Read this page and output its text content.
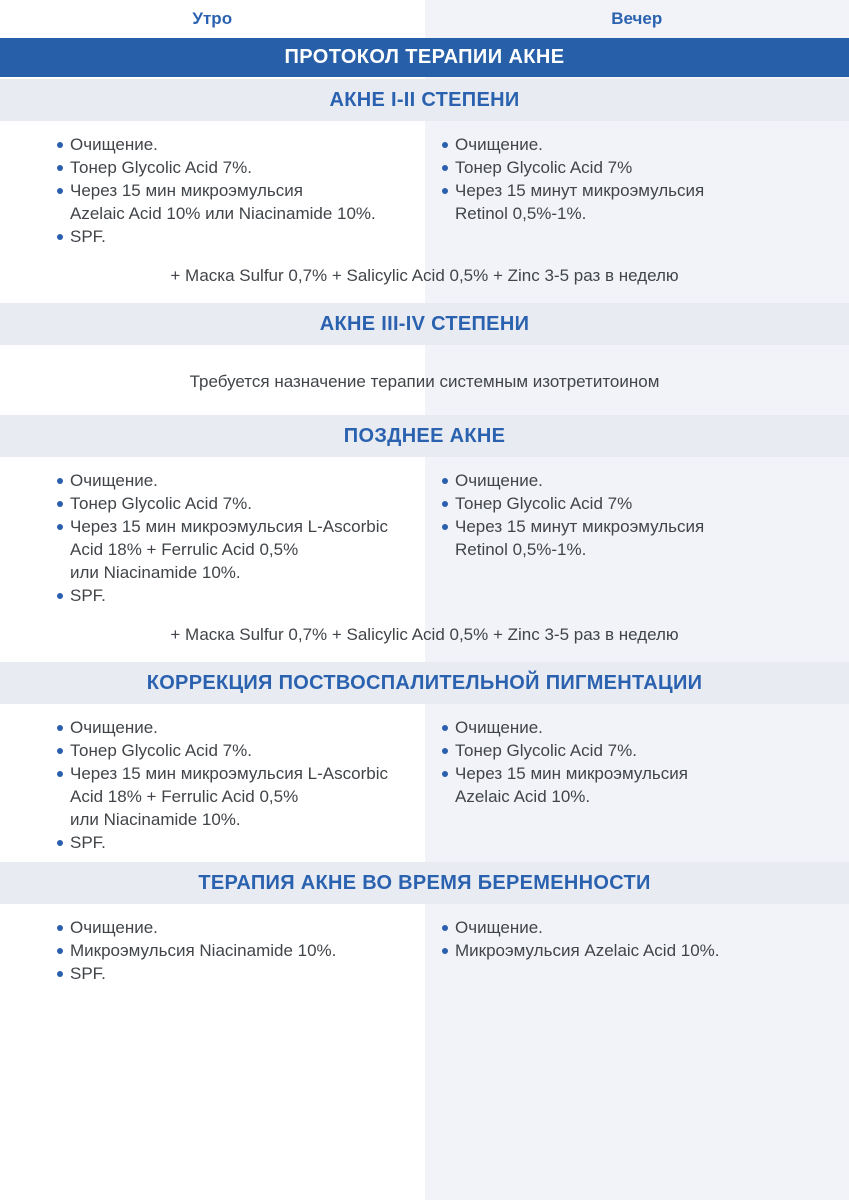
Утро	Вечер
ПРОТОКОЛ ТЕРАПИИ АКНЕ
АКНЕ I-II СТЕПЕНИ
Очищение.
Тонер Glycolic Acid 7%.
Через 15 мин микроэмульсия
Azelaic Acid 10% или Niacinamide 10%.
SPF.
Очищение.
Тонер Glycolic Acid 7%
Через 15 минут микроэмульсия
Retinol 0,5%-1%.
+ Маска Sulfur 0,7% + Salicylic Acid 0,5% + Zinc 3-5 раз в неделю
АКНЕ III-IV СТЕПЕНИ
Требуется назначение терапии системным изотретитоином
ПОЗДНЕЕ АКНЕ
Очищение.
Тонер Glycolic Acid 7%.
Через 15 мин микроэмульсия L-Ascorbic
Acid 18% + Ferrulic Acid 0,5%
или Niacinamide 10%.
SPF.
Очищение.
Тонер Glycolic Acid 7%
Через 15 минут микроэмульсия
Retinol 0,5%-1%.
+ Маска Sulfur 0,7% + Salicylic Acid 0,5% + Zinc 3-5 раз в неделю
КОРРЕКЦИЯ ПОСТВОСПАЛИТЕЛЬНОЙ ПИГМЕНТАЦИИ
Очищение.
Тонер Glycolic Acid 7%.
Через 15 мин микроэмульсия L-Ascorbic
Acid 18% + Ferrulic Acid 0,5%
или Niacinamide 10%.
SPF.
Очищение.
Тонер Glycolic Acid 7%.
Через 15 мин микроэмульсия
Azelaic Acid 10%.
ТЕРАПИЯ АКНЕ ВО ВРЕМЯ БЕРЕМЕННОСТИ
Очищение.
Микроэмульсия Niacinamide 10%.
SPF.
Очищение.
Микроэмульсия Azelaic Acid 10%.
